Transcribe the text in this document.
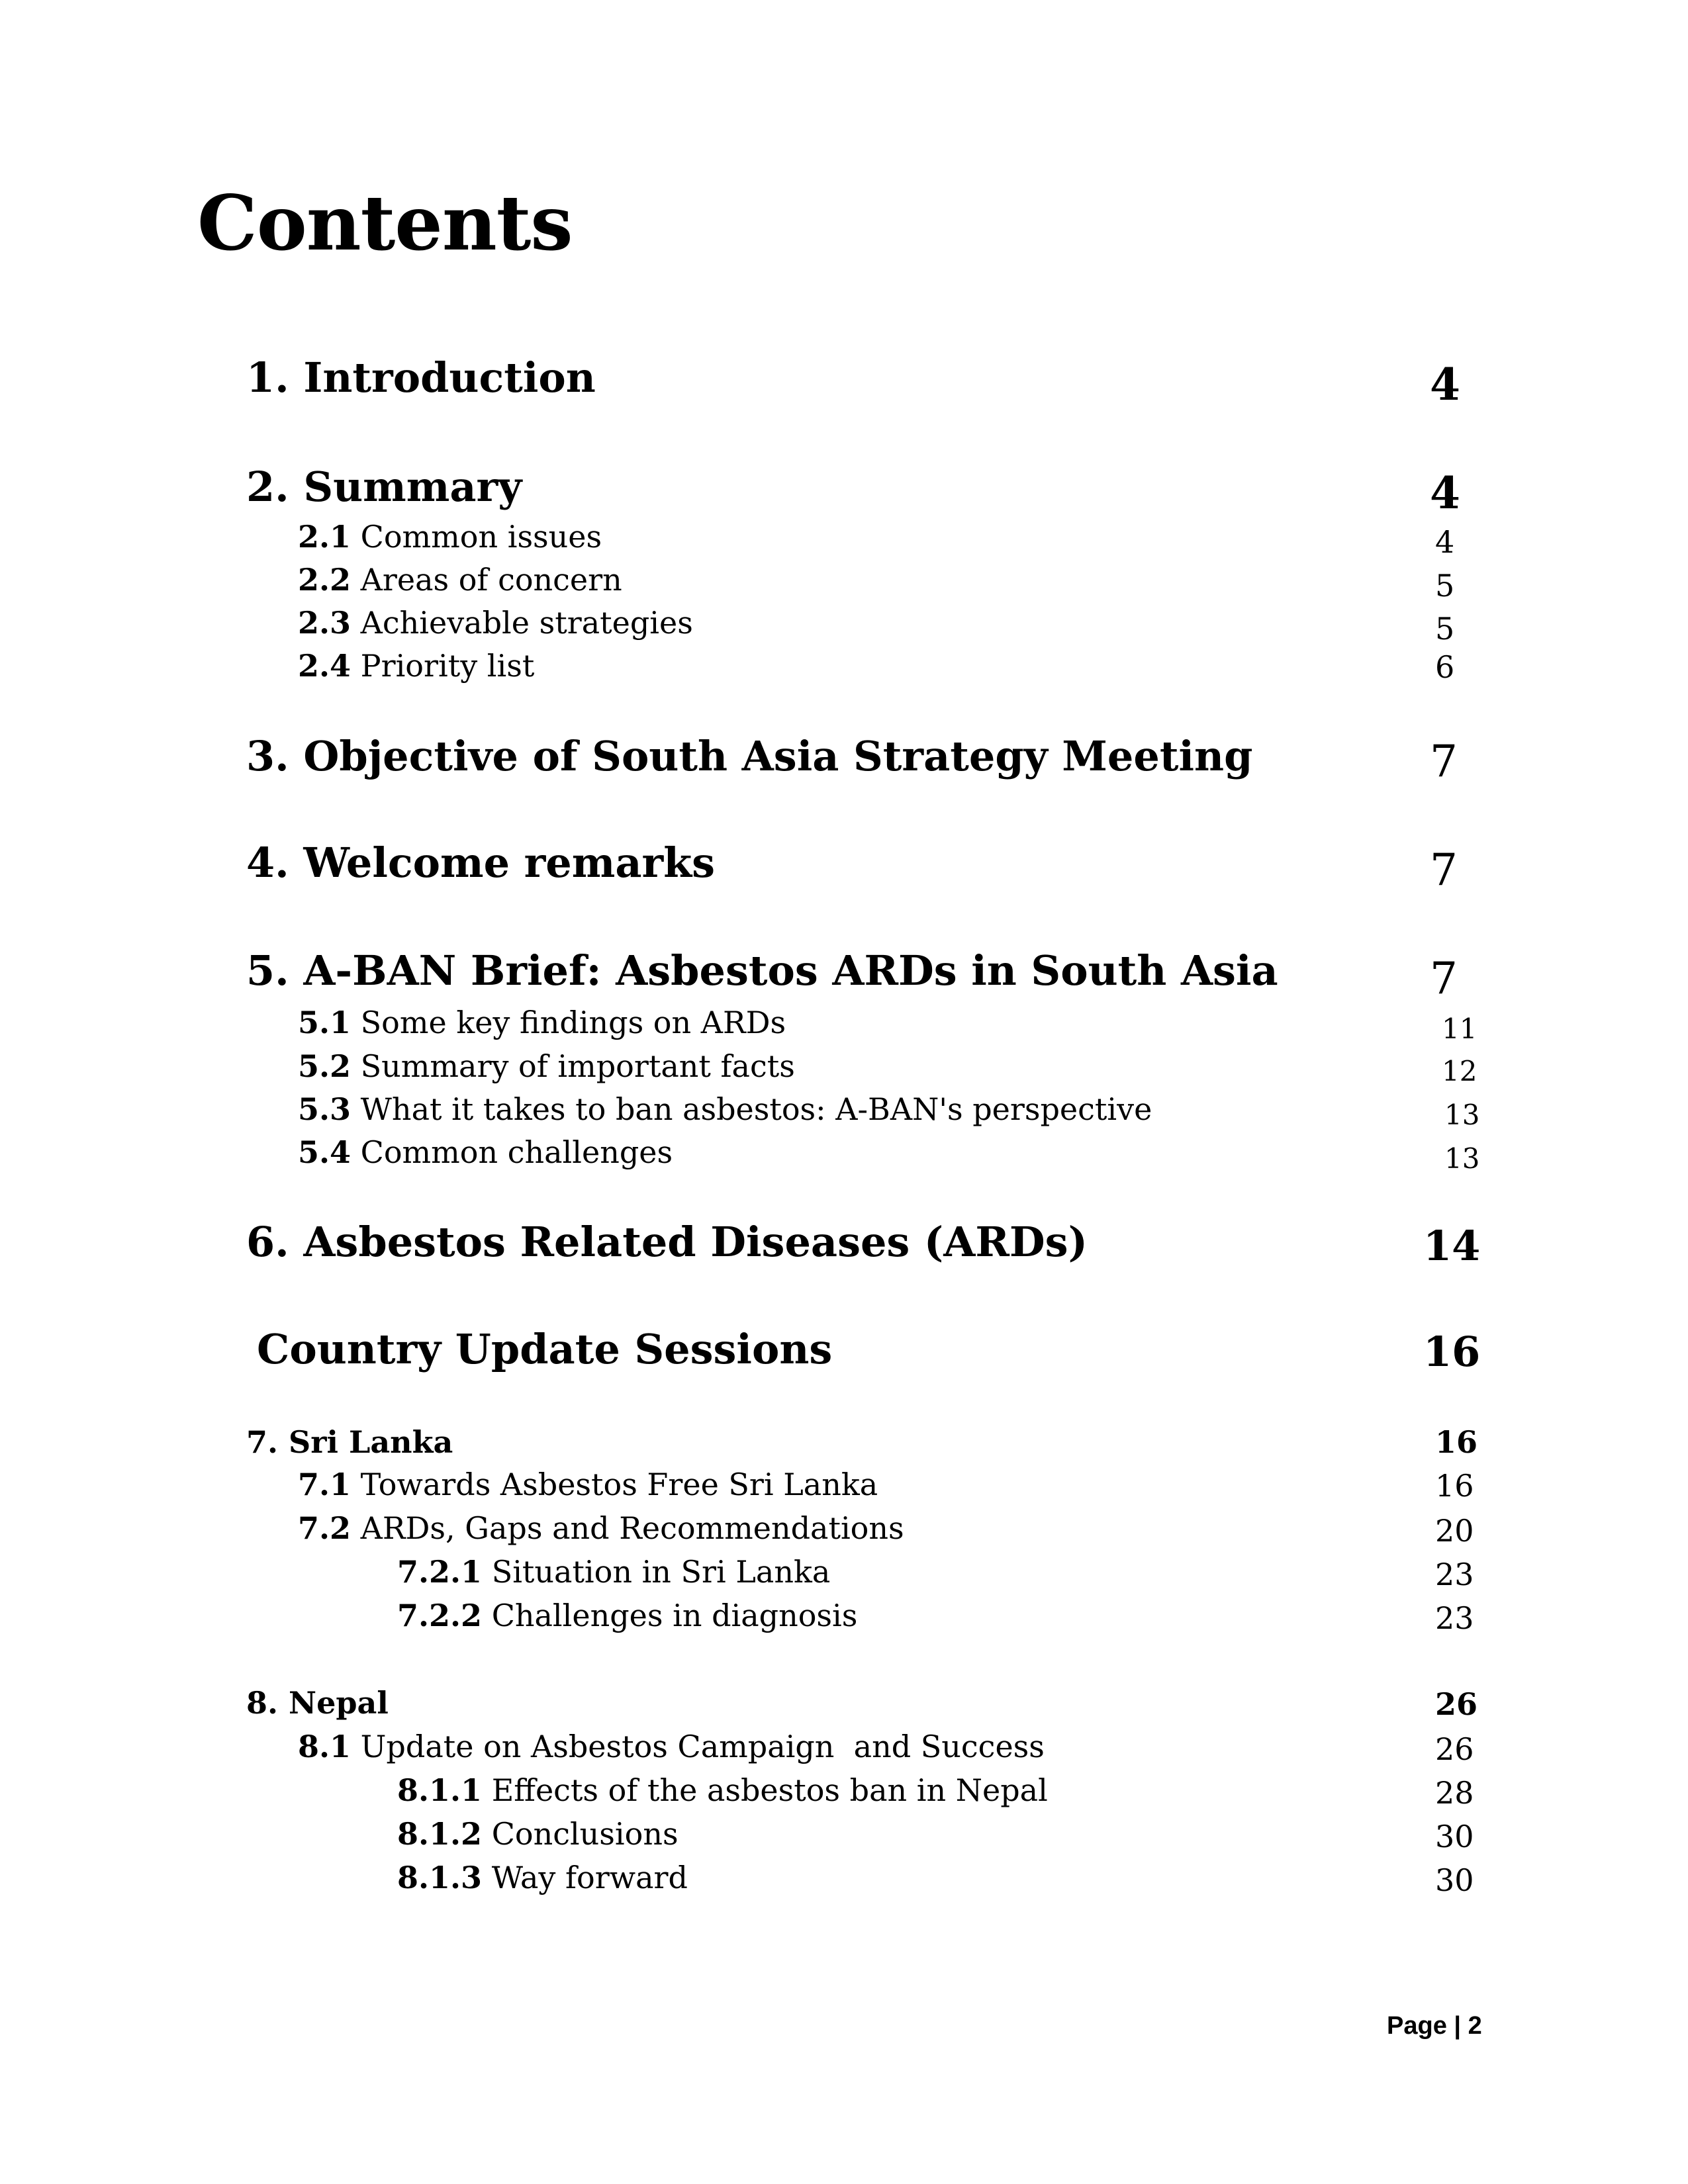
Contents
1. Introduction	4
2. Summary	4
2.1 Common issues	4
2.2 Areas of concern	5
2.3 Achievable strategies	5
2.4 Priority list	6
3. Objective of South Asia Strategy Meeting	7
4. Welcome remarks	7
5. A-BAN Brief: Asbestos ARDs in South Asia	7
5.1 Some key findings on ARDs	11
5.2 Summary of important facts	12
5.3 What it takes to ban asbestos: A-BAN's perspective	13
5.4 Common challenges	13
6. Asbestos Related Diseases (ARDs)	14
Country Update Sessions	16
7. Sri Lanka	16
7.1 Towards Asbestos Free Sri Lanka	16
7.2 ARDs, Gaps and Recommendations	20
7.2.1 Situation in Sri Lanka	23
7.2.2 Challenges in diagnosis	23
8. Nepal	26
8.1 Update on Asbestos Campaign  and Success	26
8.1.1 Effects of the asbestos ban in Nepal	28
8.1.2 Conclusions	30
8.1.3 Way forward	30
Page | 2
